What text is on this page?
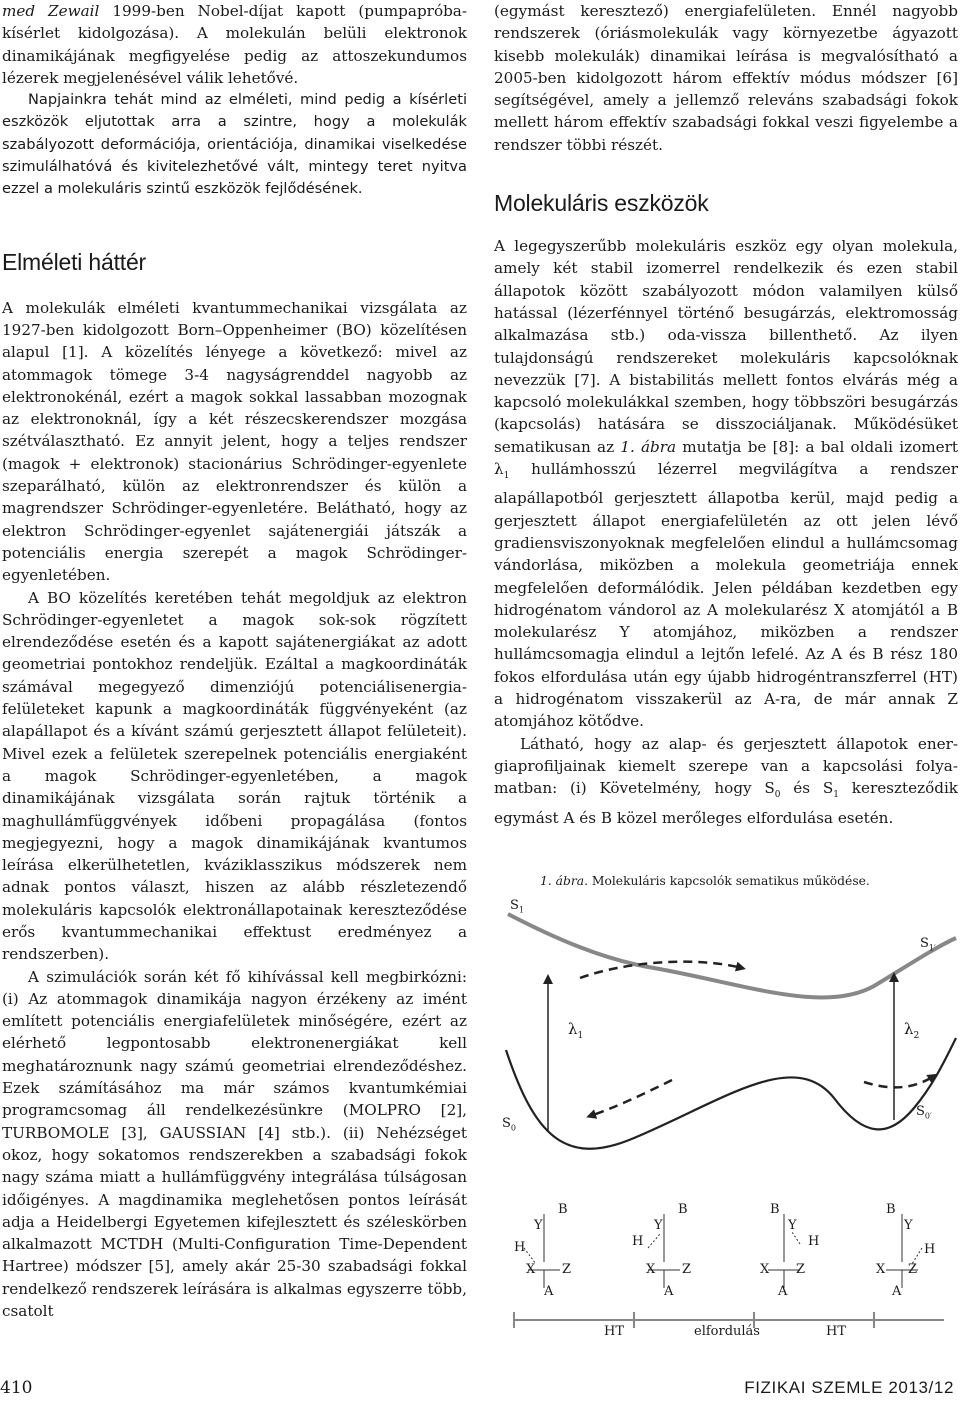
med Zewail 1999-ben Nobel-díjat kapott (pumpapróba-kísérlet kidolgozása). A molekulán belüli elektronok dinamikájának megfigyelése pedig az attoszekundumos lézerek megjelenésével válik lehetővé.

Napjainkra tehát mind az elméleti, mind pedig a kísérleti eszközök eljutottak arra a szintre, hogy a molekulák szabályozott deformációja, orientációja, dinamikai viselkedése szimulálhatóvá és kivitelezhetővé vált, mintegy teret nyitva ezzel a molekuláris szintű eszközök fejlődésének.

Elméleti háttér

A molekulák elméleti kvantummechanikai vizsgálata az 1927-ben kidolgozott Born–Oppenheimer (BO) közelítésen alapul [1]. A közelítés lényege a következő: mivel az atommagok tömege 3-4 nagyságrenddel nagyobb az elektronokénál, ezért a magok sokkal lassabban mozognak az elektronoknál, így a két részecskerendszer mozgása szétválasztható. Ez annyit jelent, hogy a teljes rendszer (magok + elektronok) stacionárius Schrödinger-egyenlete szeparálható, külön az elektronrendszer és külön a magrendszer Schrödinger-egyenletére. Belátható, hogy az elektron Schrödinger-egyenlet sajátenergiái játszák a potenciális energia szerepét a magok Schrödinger-egyenletében.

A BO közelítés keretében tehát megoldjuk az elektron Schrödinger-egyenletet a magok sok-sok rögzített elrendeződése esetén és a kapott sajátenergiákat az adott geometriai pontokhoz rendeljük. Ezáltal a magkoordináták számával megegyező dimenziójú potenciálisenergia-felületeket kapunk a magkoordináták függvényeként (az alapállapot és a kívánt számú gerjesztett állapot felületeit). Mivel ezek a felületek szerepelnek potenciális energiaként a magok Schrödinger-egyenletében, a magok dinamikájának vizsgálata során rajtuk történik a maghullámfüggvények időbeni propagálása (fontos megjegyezni, hogy a magok dinamikájának kvantumos leírása elkerülhetetlen, kváziklasszikus módszerek nem adnak pontos választ, hiszen az alább részletezendő molekuláris kapcsolók elektronállapotainak kereszteződése erős kvantummechanikai effektust eredményez a rendszerben).

A szimulációk során két fő kihívással kell megbirkózni: (i) Az atommagok dinamikája nagyon érzékeny az imént említett potenciális energiafelületek minőségére, ezért az elérhető legpontosabb elektronenergiákat kell meghatároznunk nagy számú geometriai elrendeződéshez. Ezek számításához ma már számos kvantumkémiai programcsomag áll rendelkezésünkre (MOLPRO [2], TURBOMOLE [3], GAUSSIAN [4] stb.). (ii) Nehézséget okoz, hogy sokatomos rendszerekben a szabadsági fokok nagy száma miatt a hullámfüggvény integrálása túlságosan időigényes. A magdinamika meglehetősen pontos leírását adja a Heidelbergi Egyetemen kifejlesztett és széleskörben alkalmazott MCTDH (Multi-Configuration Time-Dependent Hartree) módszer [5], amely akár 25-30 szabadsági fokkal rendelkező rendszerek leírására is alkalmas egyszerre több, csatolt

(egymást keresztező) energiafelületen. Ennél nagyobb rendszerek (óriásmolekulák vagy környezetbe ágyazott kisebb molekulák) dinamikai leírása is megvalósítható a 2005-ben kidolgozott három effektív módus módszer [6] segítségével, amely a jellemző releváns szabadsági fokok mellett három effektív szabadsági fokkal veszi figyelembe a rendszer többi részét.

Molekuláris eszközök

A legegyszerűbb molekuláris eszköz egy olyan molekula, amely két stabil izomerrel rendelkezik és ezen stabil állapotok között szabályozott módon valamilyen külső hatással (lézerfénnyel történő besugárzás, elektromosság alkalmazása stb.) oda-vissza billenthető. Az ilyen tulajdonságú rendszereket molekuláris kapcsolóknak nevezzük [7]. A bistabilitás mellett fontos elvárás még a kapcsoló molekulákkal szemben, hogy többszöri besugárzás (kapcsolás) hatására se disszociáljanak. Működésüket sematikusan az 1. ábra mutatja be [8]: a bal oldali izomert $\lambda_1$ hullámhosszú lézerrel megvilágítva a rendszer alapállapotból gerjesztett állapotba kerül, majd pedig a gerjesztett állapot energiafelületén az ott jelen lévő gradiensviszonyoknak megfelelően elindul a hullámcsomag vándorlása, miközben a molekula geometriája ennek megfelelően deformálódik. Jelen példában kezdetben egy hidrogénatom vándorol az A molekularész X atomjától a B molekularész Y atomjához, miközben a rendszer hullámcsomagja elindul a lejtőn lefelé. Az A és B rész 180 fokos elfordulása után egy újabb hidrogéntranszferrel (HT) a hidrogénatom visszakerül az A-ra, de már annak Z atomjához kötődve.

Látható, hogy az alap- és gerjesztett állapotok energiaprofiljainak kiemelt szerepe van a kapcsolási folyamatban: (i) Követelmény, hogy $S_0$ és $S_1$ kereszteződik egymást A és B közel merőleges elfordulása esetén.

1. ábra. Molekuláris kapcsolók sematikus működése.
$S_1$
$S_{1'}$
$S_0$
$S_{0'}$
$\lambda_1$	$\lambda_2$
B
Y
H
X Z
A
B
Y
H
X Z
A
B
Y
H
X Z
A
B
Y
H
X Z
A
HT	elfordulás	HT
410	FIZIKAI SZEMLE 2013/12
